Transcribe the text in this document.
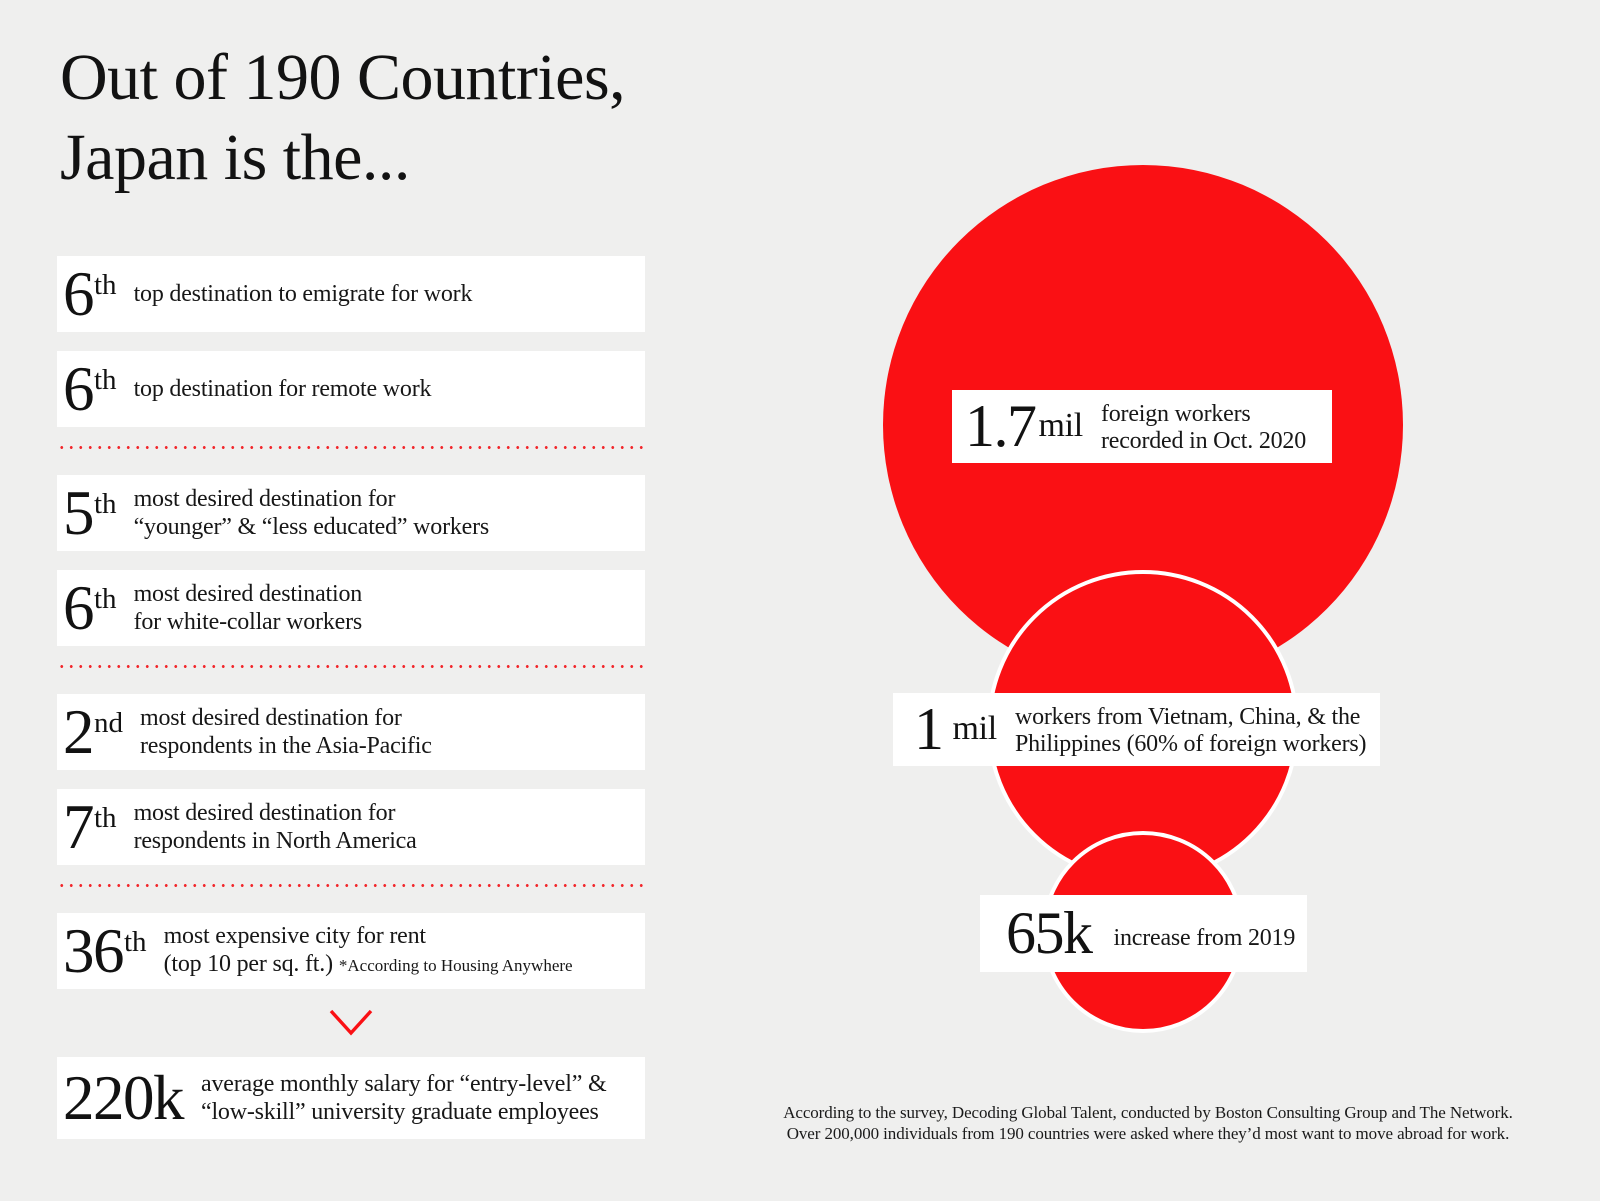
Out of 190 Countries,
Japan is the...
6th top destination to emigrate for work
6th top destination for remote work
5th most desired destination for
“younger” & “less educated” workers
6th most desired destination
for white-collar workers
2nd most desired destination for
respondents in the Asia-Pacific
7th most desired destination for
respondents in North America
36th most expensive city for rent
(top 10 per sq. ft.) *According to Housing Anywhere
220k average monthly salary for “entry-level” &
“low-skill” university graduate employees
1.7 mil foreign workers
recorded in Oct. 2020
1 mil workers from Vietnam, China, & the
Philippines (60% of foreign workers)
65k increase from 2019

According to the survey, Decoding Global Talent, conducted by Boston Consulting Group and The Network.
Over 200,000 individuals from 190 countries were asked where they’d most want to move abroad for work.
